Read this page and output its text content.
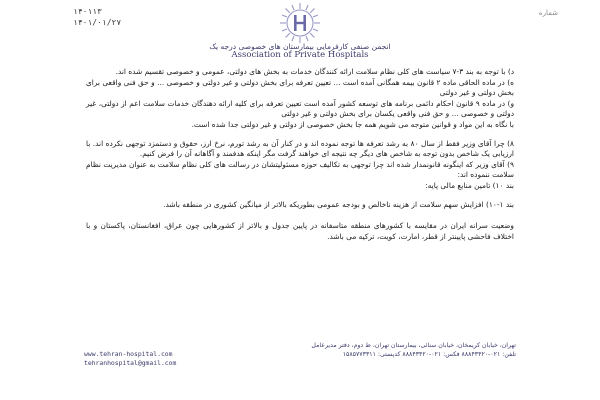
۱۴۰۱۱۳
۱۴۰۱/۰۱/۲۷
شماره
انجمن صنفی کارفرمایی بیمارستان های خصوصی درجه یک
Association of Private Hospitals

د) با توجه به بند ۳-۷ سیاست های کلی نظام سلامت ارائه کنندگان خدمات به بخش های دولتی، عمومی و خصوصی تقسیم شده اند.

ه) در ماده الحاقی ماده ۲ قانون بیمه همگانی آمده است ... تعیین تعرفه برای بخش دولتی و غیر دولتی و خصوصی ... و حق فنی واقعی برای بخش دولتی و غیر دولتی

و) در ماده ۹ قانون احکام دائمی برنامه های توسعه کشور آمده است تعیین تعرفه برای کلیه ارائه دهندگان خدمات سلامت اعم از دولتی، غیر دولتی و خصوصی ... و حق فنی واقعی یکسان برای بخش دولتی و غیر دولتی

با نگاه به این مواد و قوانین متوجه می شویم همه جا بخش خصوصی از دولتی و غیر دولتی جدا شده است.

۸) چرا آقای وزیر فقط از سال ۸۰ به رشد تعرفه ها توجه نموده اند و در کنار آن به رشد تورم، نرخ ارز، حقوق و دستمزد توجهی نکرده اند. با ارزیابی یک شاخص بدون توجه به شاخص های دیگر چه نتیجه ای خواهند گرفت مگر اینکه هدفمند و آگاهانه آن را فرض کنیم.

۹) آقای وزیر که اینگونه قانونمدار شده اند چرا توجهی به تکالیف حوزه مسئولیتشان در رسالت های کلی نظام سلامت به عنوان مدیریت نظام سلامت ننموده اند:

بند ۱۰) تامین منابع مالی پایه:

بند ۱-۱۰) افزایش سهم سلامت از هزینه ناخالص و بودجه عمومی بطوریکه بالاتر از میانگین کشوری در منطقه باشد.

وضعیت سرانه ایران در مقایسه با کشورهای منطقه متاسفانه در پایین جدول و بالاتر از کشورهایی چون عراق، افغانستان، پاکستان و با اختلاف فاحشی پایینتر از قطر، امارت، کویت، ترکیه می باشد.

تهران، خیابان کریمخان، خیابان سنائی، بیمارستان تهران، ط دوم، دفتر مدیرعامل
تلفن: ۰۲۱-۸۸۸۴۳۴۲۰ فکس: ۰۲۱-۸۸۸۴۳۴۲۰ کدپستی: ۱۵۸۵۷۷۳۳۱۱
www.tehran-hospital.com
tehranhospital@gmail.com
